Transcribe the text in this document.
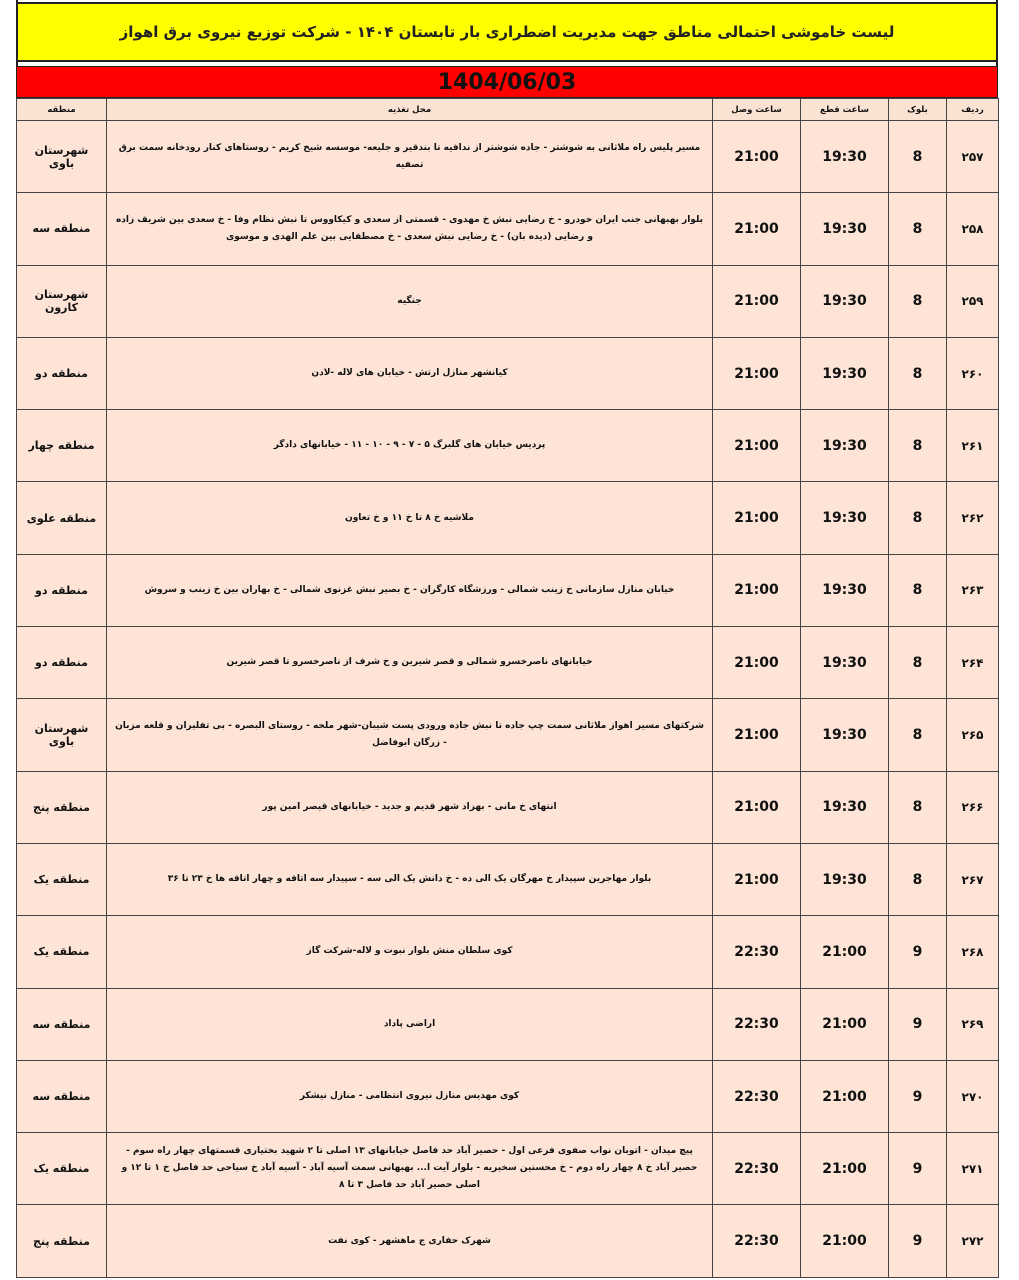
لیست خاموشی احتمالی مناطق جهت مدیریت اضطراری بار تابستان ۱۴۰۴ - شرکت توزیع نیروی برق اهواز
1404/06/03
ردیف	بلوک	ساعت قطع	ساعت وصل	محل تغذیه	منطقه
۲۵۷	8	19:30	21:00	مسیر پلیس راه ملاثانی به شوشتر - جاده شوشتر از ندافیه تا بندقیر و جلیعه- موسسه شیخ کریم - روستاهای کنار رودخانه سمت برق تصفیه	شهرستان باوی
۲۵۸	8	19:30	21:00	بلوار بهبهانی جنب ایران خودرو - خ رضایی نبش خ مهدوی - قسمتی از سعدی و کیکاووس تا نبش نظام وفا - خ سعدی بین شریف زاده و رضایی (دیده بان) - خ رضایی نبش سعدی - خ مصطفایی بین علم الهدی و موسوی	منطقه سه
۲۵۹	8	19:30	21:00	جنگیه	شهرستان کارون
۲۶۰	8	19:30	21:00	کیانشهر منازل ارتش - خیابان های لاله -لادن	منطقه دو
۲۶۱	8	19:30	21:00	پردیس خیابان های گلبرگ ۵ - ۷ - ۹ - ۱۰ - ۱۱ - خیابانهای دادگر	منطقه چهار
۲۶۲	8	19:30	21:00	ملاشیه خ ۸ تا خ ۱۱ و خ تعاون	منطقه علوی
۲۶۳	8	19:30	21:00	خیابان منازل سازمانی خ زینب شمالی - ورزشگاه کارگران - خ بصیر نبش غزنوی شمالی - خ بهاران بین خ زینب و سروش	منطقه دو
۲۶۴	8	19:30	21:00	خیابانهای ناصرخسرو شمالی و قصر شیرین و خ شرف از ناصرخسرو تا قصر شیرین	منطقه دو
۲۶۵	8	19:30	21:00	شرکتهای مسیر اهواز ملاثانی سمت چپ جاده تا نبش جاده ورودی پست شیبان-شهر ملحه - روستای البصره - بی تفلیران و قلعه مزبان - زرگان ابوفاضل	شهرستان باوی
۲۶۶	8	19:30	21:00	انتهای خ مانی - بهزاد شهر قدیم و جدید - خیابانهای قیصر امین پور	منطقه پنج
۲۶۷	8	19:30	21:00	بلوار مهاجرین سپیدار خ مهرگان یک الی ده - خ دانش یک الی سه - سپیدار سه اتاقه و چهار اتاقه ها خ ۲۳ تا ۳۶	منطقه یک
۲۶۸	9	21:00	22:30	کوی سلطان منش بلوار نبوت و لاله-شرکت گاز	منطقه یک
۲۶۹	9	21:00	22:30	اراضی پاداد	منطقه سه
۲۷۰	9	21:00	22:30	کوی مهدیس منازل نیروی انتظامی - منازل نیشکر	منطقه سه
۲۷۱	9	21:00	22:30	پیچ میدان - اتوبان نواب صفوی فرعی اول - حصیر آباد حد فاصل خیابانهای ۱۳ اصلی تا ۲ شهید بختیاری قسمتهای چهار راه سوم - حصیر آباد خ ۸ چهار راه دوم - خ محسنین سخیریه - بلوار آیت ا... بهبهانی سمت آسیه آباد - آسیه آباد خ سیاحی حد فاصل خ ۱ تا ۱۲ و اصلی حصیر آباد حد فاصل ۳ تا ۸	منطقه یک
۲۷۲	9	21:00	22:30	شهرک حفاری ج ماهشهر - کوی نفت	منطقه پنج
